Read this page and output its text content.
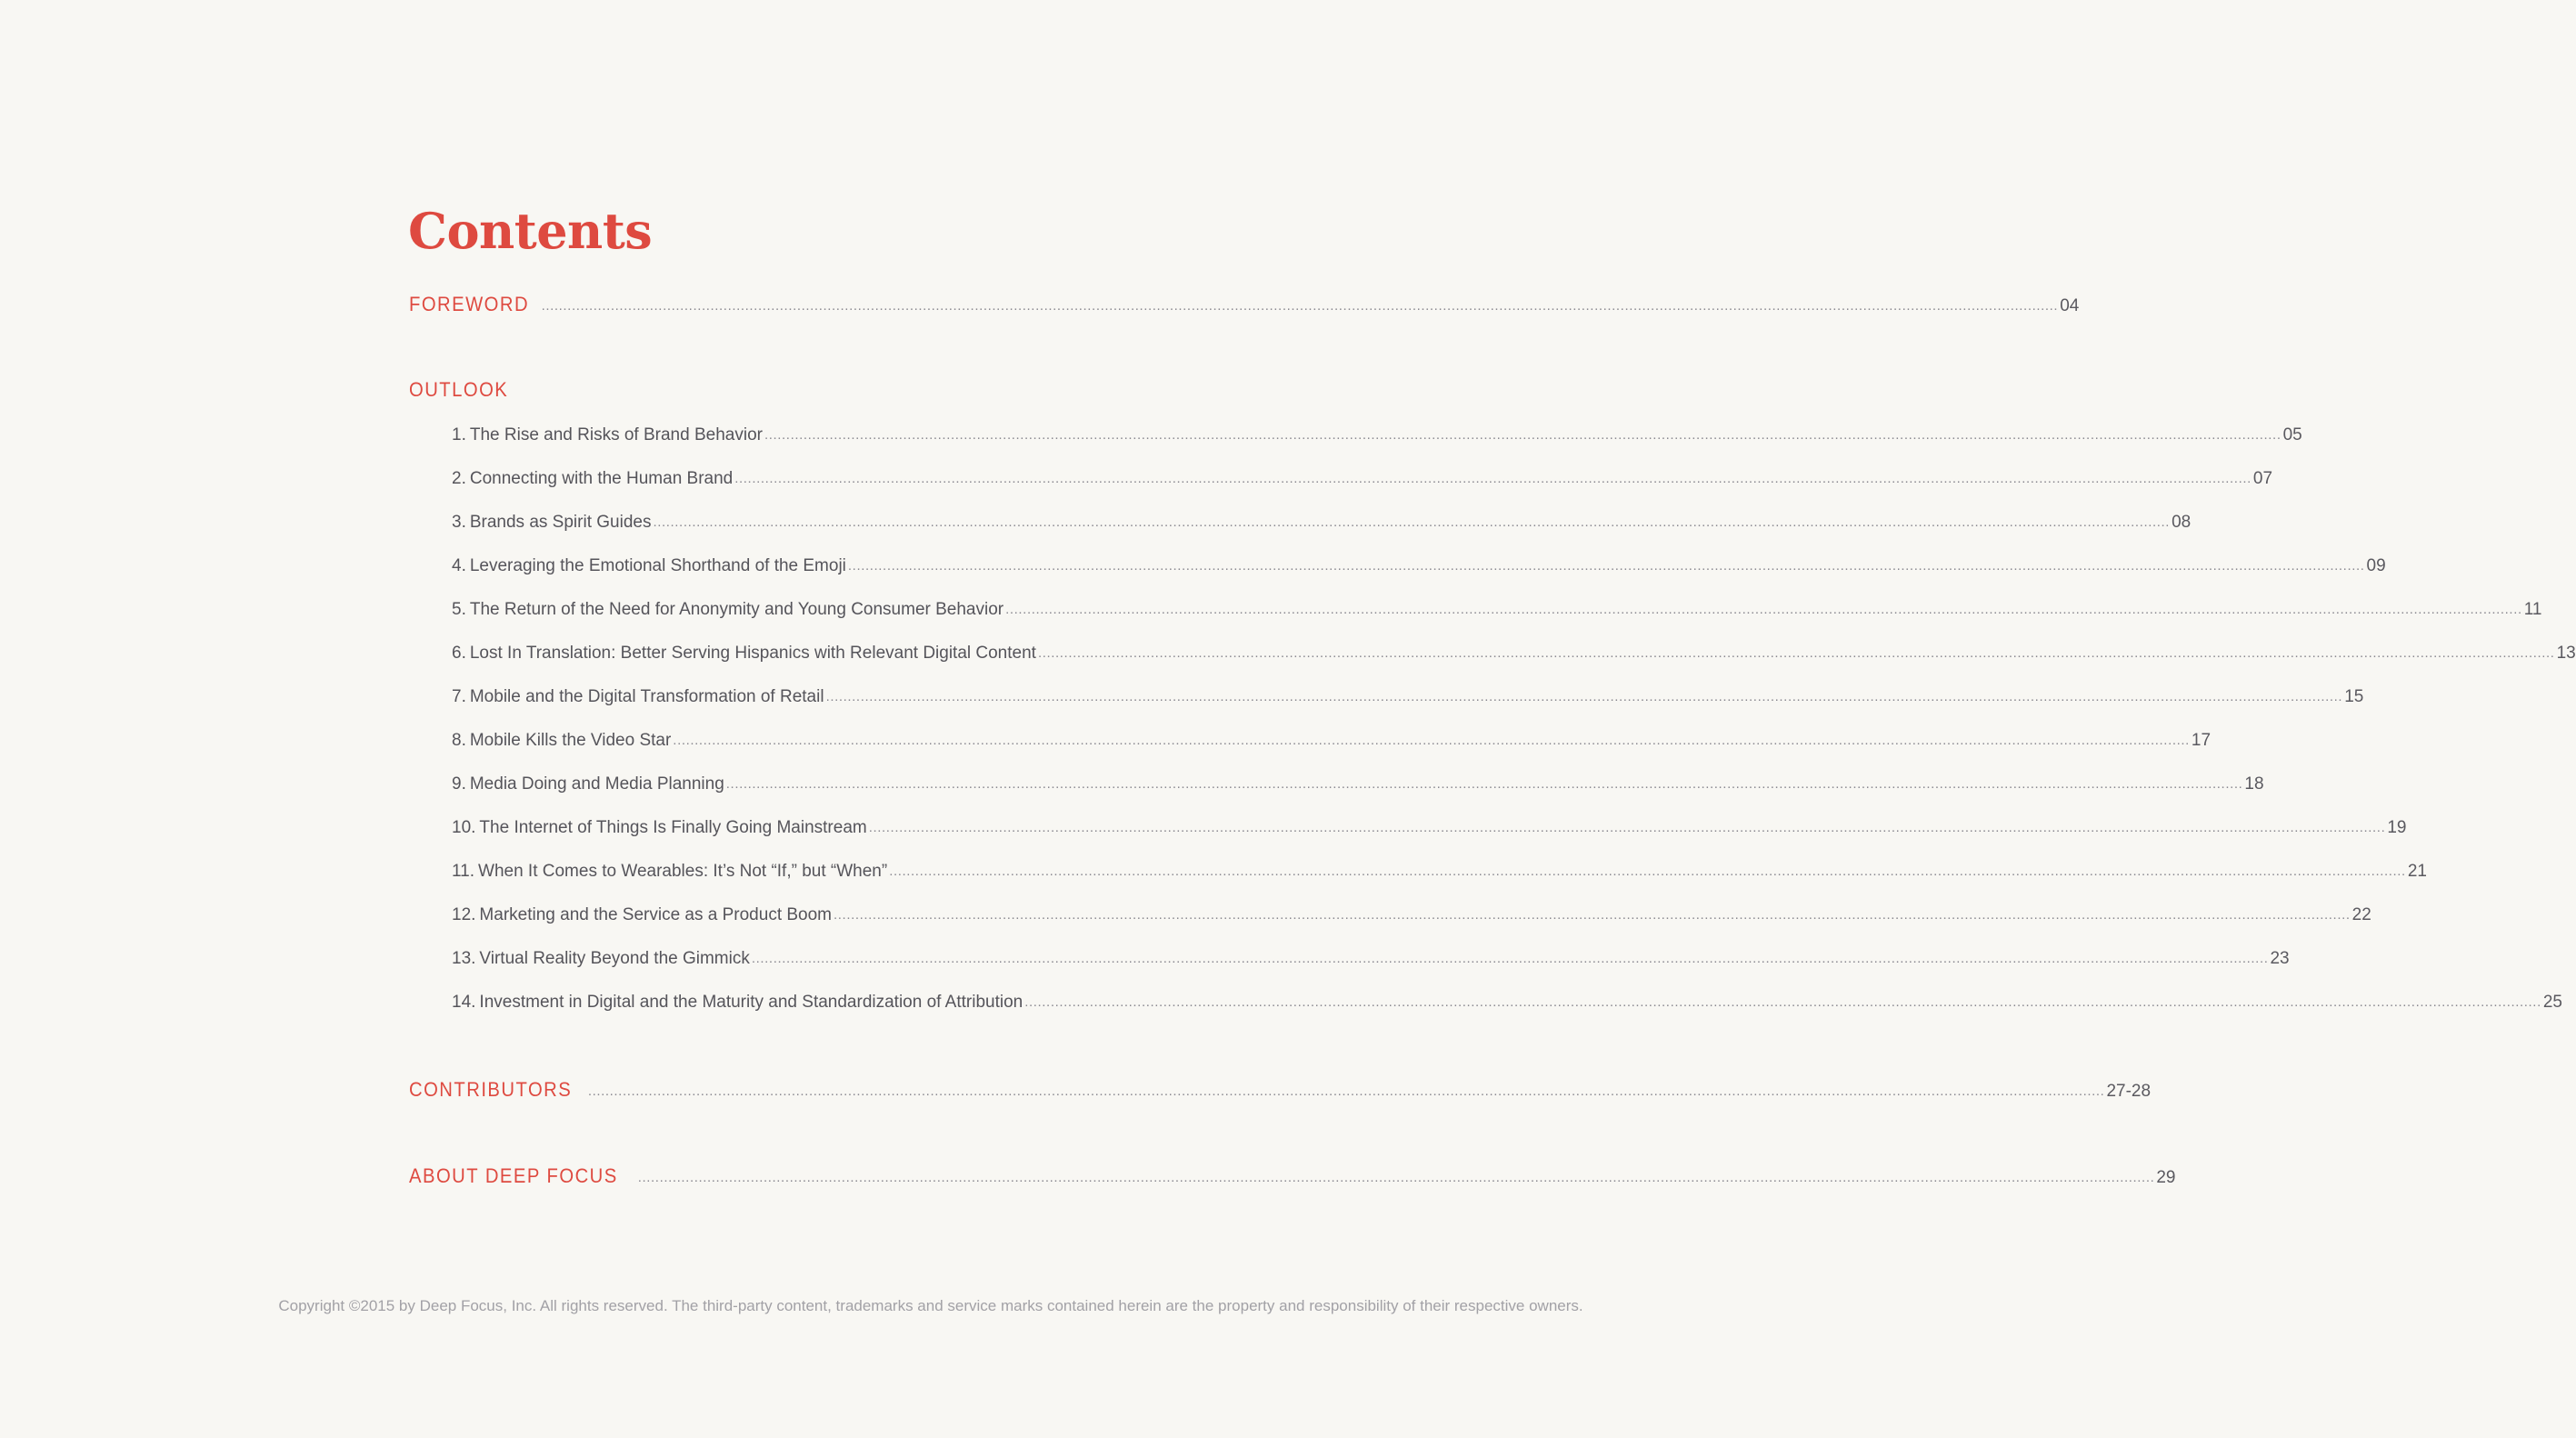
Contents
FOREWORD .............................................................................................................................................................................................................................................................................................................................................................. 04
OUTLOOK
1. The Rise and Risks of Brand Behavior .............................................................................................................................................................................................................................................................................................................................................................. 05
2. Connecting with the Human Brand .............................................................................................................................................................................................................................................................................................................................................................. 07
3. Brands as Spirit Guides .............................................................................................................................................................................................................................................................................................................................................................. 08
4. Leveraging the Emotional Shorthand of the Emoji .............................................................................................................................................................................................................................................................................................................................................................. 09
5. The Return of the Need for Anonymity and Young Consumer Behavior .............................................................................................................................................................................................................................................................................................................................................................. 11
6. Lost In Translation: Better Serving Hispanics with Relevant Digital Content .............................................................................................................................................................................................................................................................................................................................................................. 13
7. Mobile and the Digital Transformation of Retail .............................................................................................................................................................................................................................................................................................................................................................. 15
8. Mobile Kills the Video Star .............................................................................................................................................................................................................................................................................................................................................................. 17
9. Media Doing and Media Planning .............................................................................................................................................................................................................................................................................................................................................................. 18
10. The Internet of Things Is Finally Going Mainstream .............................................................................................................................................................................................................................................................................................................................................................. 19
11. When It Comes to Wearables: It’s Not “If,” but “When” .............................................................................................................................................................................................................................................................................................................................................................. 21
12. Marketing and the Service as a Product Boom .............................................................................................................................................................................................................................................................................................................................................................. 22
13. Virtual Reality Beyond the Gimmick .............................................................................................................................................................................................................................................................................................................................................................. 23
14. Investment in Digital and the Maturity and Standardization of Attribution .............................................................................................................................................................................................................................................................................................................................................................. 25
CONTRIBUTORS .............................................................................................................................................................................................................................................................................................................................................................. 27-28
ABOUT DEEP FOCUS .............................................................................................................................................................................................................................................................................................................................................................. 29
Copyright ©2015 by Deep Focus, Inc. All rights reserved. The third-party content, trademarks and service marks contained herein are the property and responsibility of their respective owners.
